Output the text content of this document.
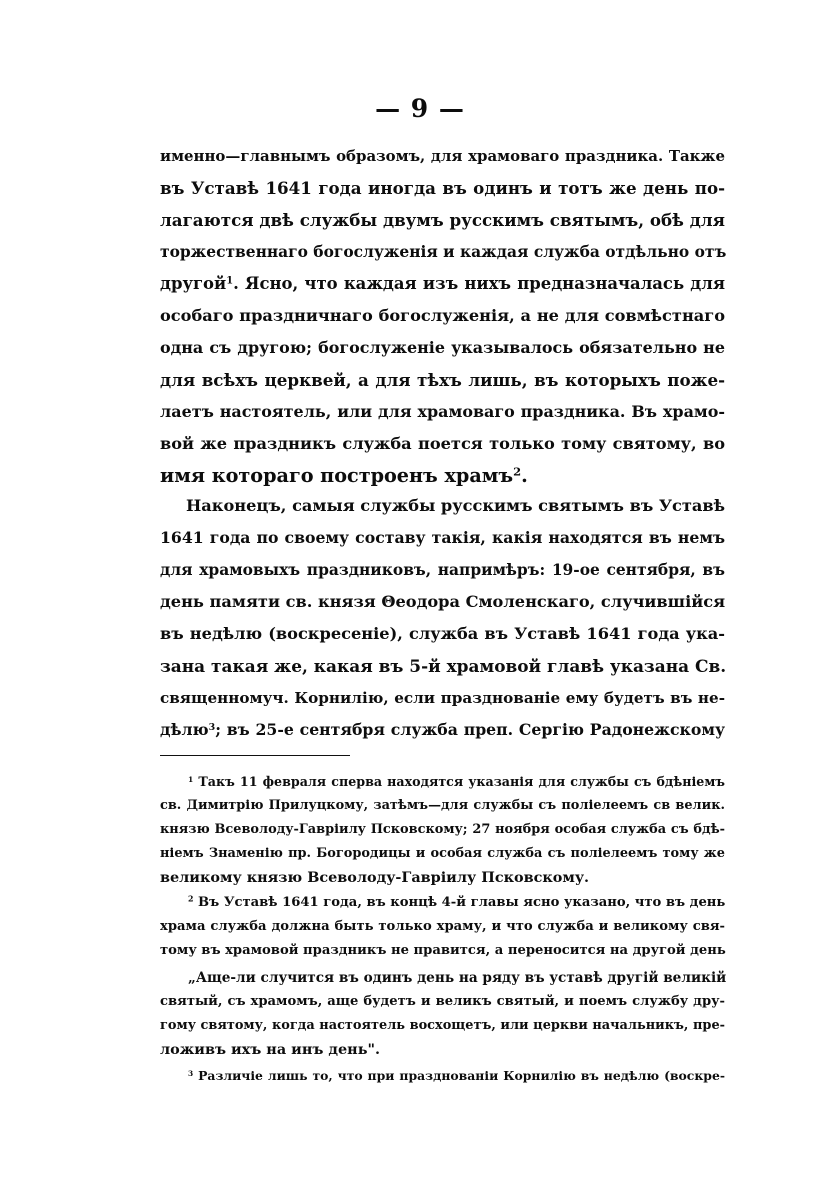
— 9 —
именно—главнымъ образомъ, для храмоваго праздника. Также
въ Уставѣ 1641 года иногда въ одинъ и тотъ же день по-
лагаются двѣ службы двумъ русскимъ святымъ, обѣ для
торжественнаго богослуженія и каждая служба отдѣльно отъ
другой$^1$. Ясно, что каждая изъ нихъ предназначалась для
особаго праздничнаго богослуженія, а не для совмѣстнаго
одна съ другою; богослуженіе указывалось обязательно не
для всѣхъ церквей, а для тѣхъ лишь, въ которыхъ поже-
лаетъ настоятель, или для храмоваго праздника. Въ храмо-
вой же праздникъ служба поется только тому святому, во
имя котораго построенъ храмъ$^2$.
Наконецъ, самыя службы русскимъ святымъ въ Уставѣ
1641 года по своему составу такія, какія находятся въ немъ
для храмовыхъ праздниковъ, напримѣръ: 19-ое сентября, въ
день памяти св. князя Θеодора Смоленскаго, случившійся
въ недѣлю (воскресеніе), служба въ Уставѣ 1641 года ука-
зана такая же, какая въ 5-й храмовой главѣ указана Св.
священномуч. Корнилію, если празднованіе ему будетъ въ не-
дѣлю$^3$; въ 25-е сентября служба преп. Сергію Радонежскому
$^1$ Такъ 11 февраля сперва находятся указанія для службы съ бдѣніемъ
св. Димитрію Прилуцкому, затѣмъ—для службы съ поліелеемъ св велик.
князю Всеволоду-Гавріилу Псковскому; 27 ноября особая служба съ бдѣ-
ніемъ Знаменію пр. Богородицы и особая служба съ поліелеемъ тому же
великому князю Всеволоду-Гавріилу Псковскому.
$^2$ Въ Уставѣ 1641 года, въ концѣ 4-й главы ясно указано, что въ день
храма служба должна быть только храму, и что служба и великому свя-
тому въ храмовой праздникъ не правится, а переносится на другой день
„Аще-ли случится въ одинъ день на ряду въ уставѣ другій великій
святый, съ храмомъ, аще будетъ и великъ святый, и поемъ службу дру-
гому святому, когда настоятель восхощетъ, или церкви начальникъ, пре-
ложивъ ихъ на инъ день".
$^3$ Различіе лишь то, что при празднованіи Корнилію въ недѣлю (воскре-
